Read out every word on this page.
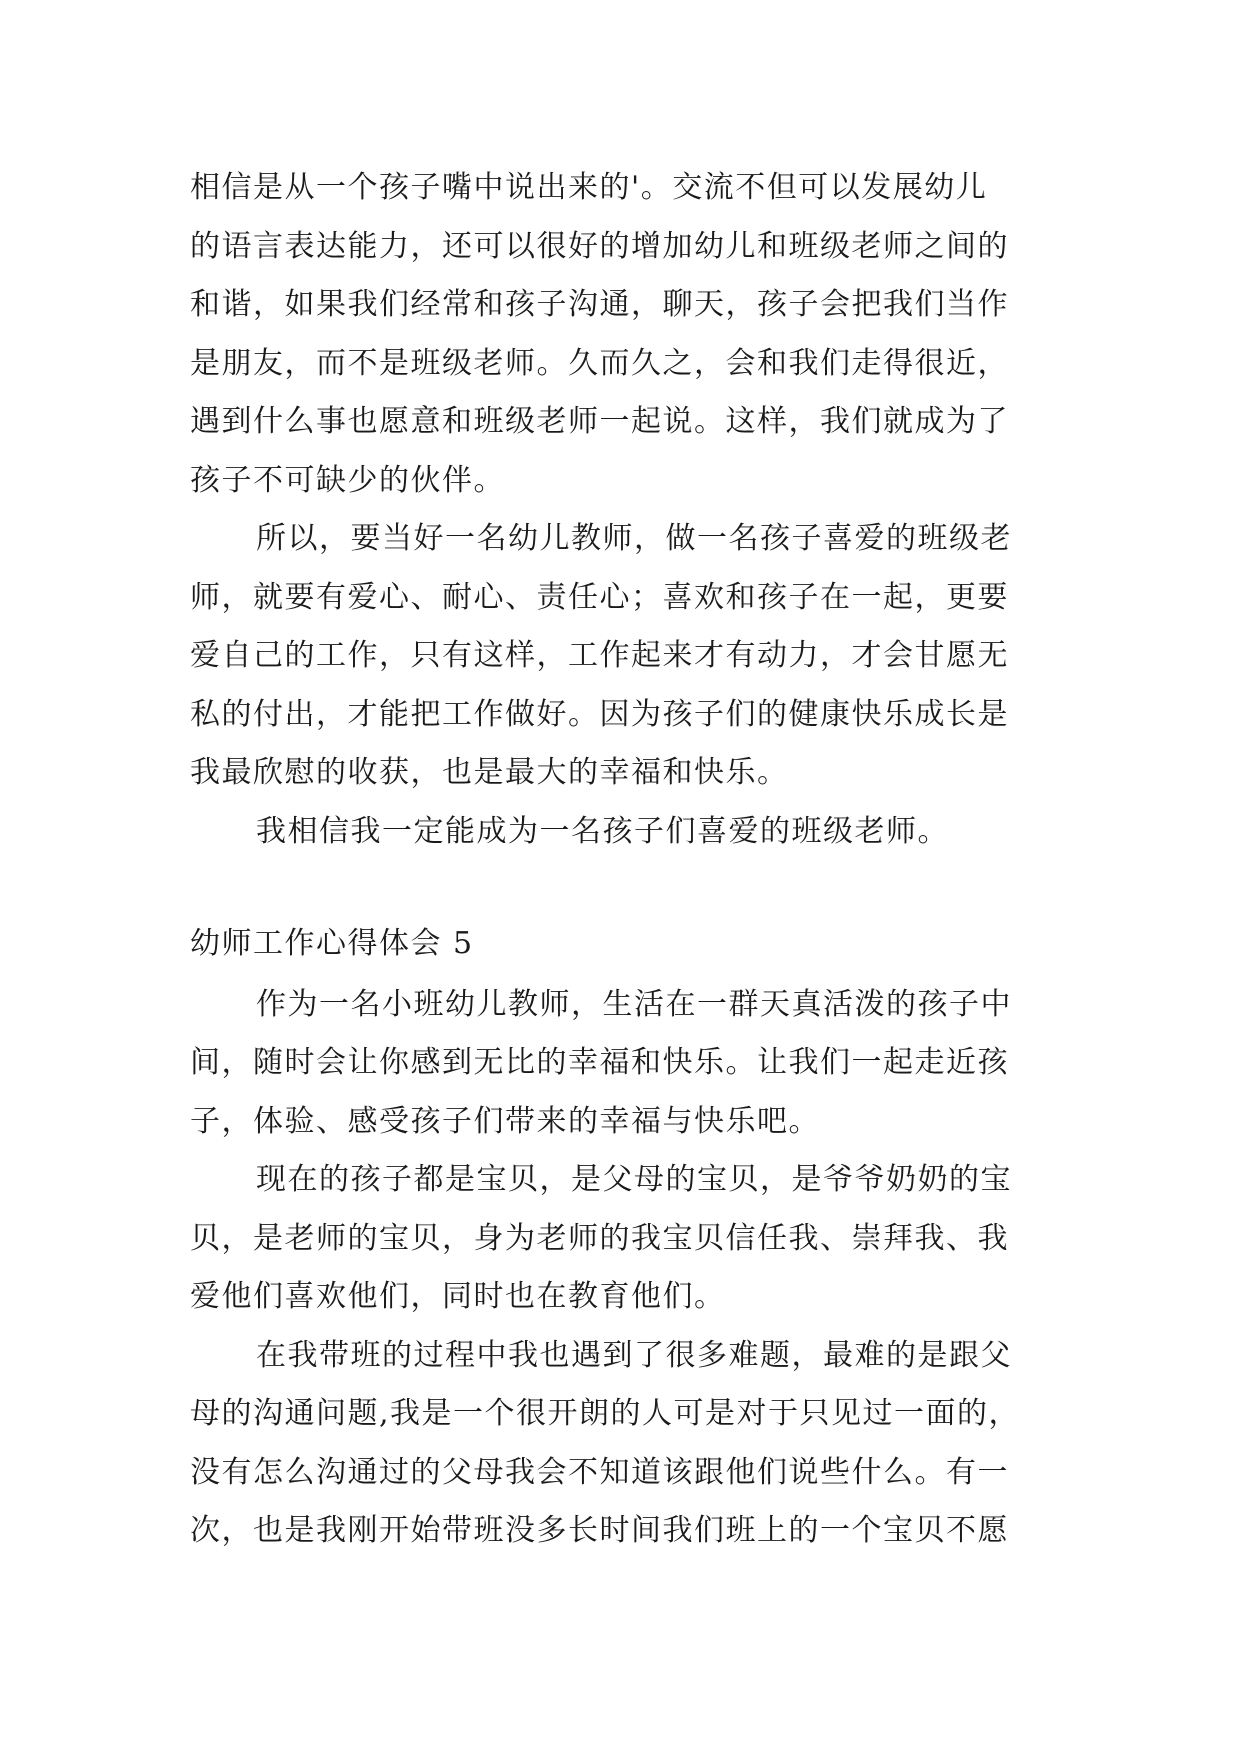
相信是从一个孩子嘴中说出来的'。交流不但可以发展幼儿
的语言表达能力，还可以很好的增加幼儿和班级老师之间的
和谐，如果我们经常和孩子沟通，聊天，孩子会把我们当作
是朋友，而不是班级老师。久而久之，会和我们走得很近，
遇到什么事也愿意和班级老师一起说。这样，我们就成为了
孩子不可缺少的伙伴。

所以，要当好一名幼儿教师，做一名孩子喜爱的班级老
师，就要有爱心、耐心、责任心；喜欢和孩子在一起，更要
爱自己的工作，只有这样，工作起来才有动力，才会甘愿无
私的付出，才能把工作做好。因为孩子们的健康快乐成长是
我最欣慰的收获，也是最大的幸福和快乐。

我相信我一定能成为一名孩子们喜爱的班级老师。

幼师工作心得体会 5

作为一名小班幼儿教师，生活在一群天真活泼的孩子中
间，随时会让你感到无比的幸福和快乐。让我们一起走近孩
子，体验、感受孩子们带来的幸福与快乐吧。

现在的孩子都是宝贝，是父母的宝贝，是爷爷奶奶的宝
贝，是老师的宝贝，身为老师的我宝贝信任我、崇拜我、我
爱他们喜欢他们，同时也在教育他们。

在我带班的过程中我也遇到了很多难题，最难的是跟父
母的沟通问题,我是一个很开朗的人可是对于只见过一面的，
没有怎么沟通过的父母我会不知道该跟他们说些什么。有一
次，也是我刚开始带班没多长时间我们班上的一个宝贝不愿
